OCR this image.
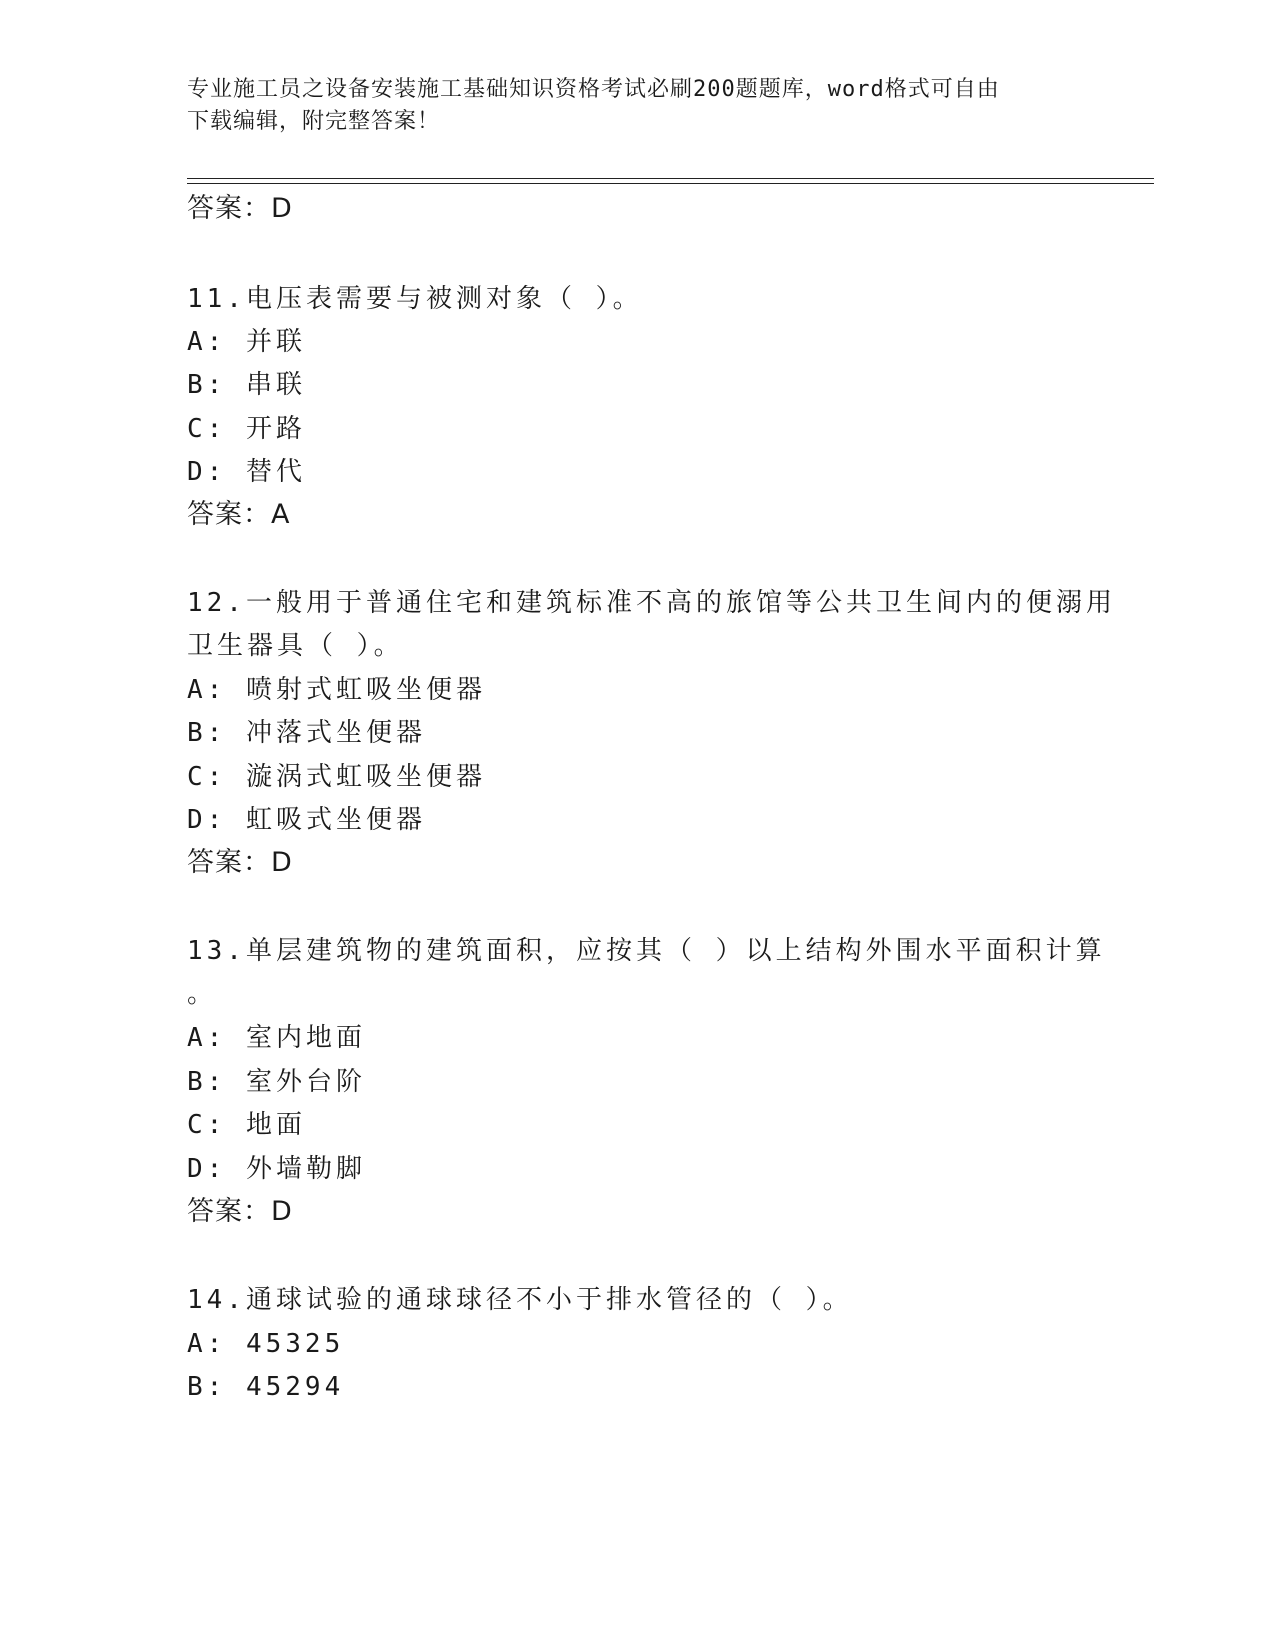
专业施工员之设备安装施工基础知识资格考试必刷200题题库，word格式可自由
下载编辑，附完整答案！
答案：D
11.电压表需要与被测对象（ ）。
A: 并联
B: 串联
C: 开路
D: 替代
答案：A
12.一般用于普通住宅和建筑标准不高的旅馆等公共卫生间内的便溺用
卫生器具（ ）。
A: 喷射式虹吸坐便器
B: 冲落式坐便器
C: 漩涡式虹吸坐便器
D: 虹吸式坐便器
答案：D
13.单层建筑物的建筑面积，应按其（ ）以上结构外围水平面积计算
。
A: 室内地面
B: 室外台阶
C: 地面
D: 外墙勒脚
答案：D
14.通球试验的通球球径不小于排水管径的（ ）。
A: 45325
B: 45294
